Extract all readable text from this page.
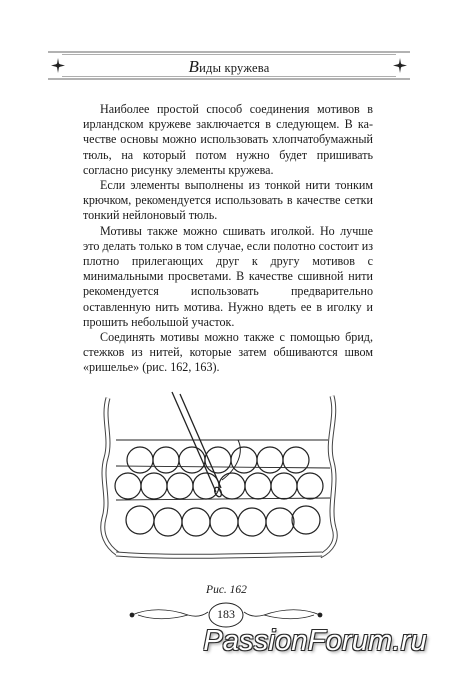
Виды кружева

Наиболее простой способ соединения мотивов в ирландском кружеве заключается в следующем. В качестве основы можно использовать хлопчатобумажный тюль, на который потом нужно будет пришивать согласно рисунку элементы кружева.

Если элементы выполнены из тонкой нити тонким крючком, рекомендуется использовать в качестве сетки тонкий нейлоновый тюль.

Мотивы также можно сшивать иголкой. Но лучше это делать только в том случае, если полотно состоит из плотно прилегающих друг к другу мотивов с минимальными просветами. В качестве сшивной нити рекомендуется использовать предварительно оставленную нить мотива. Нужно вдеть ее в иголку и прошить небольшой участок.

Соединять мотивы можно также с помощью брид, стежков из нитей, которые затем обшиваются швом «ришелье» (рис. 162, 163).

Рис. 162
183
PassionForum.ru
